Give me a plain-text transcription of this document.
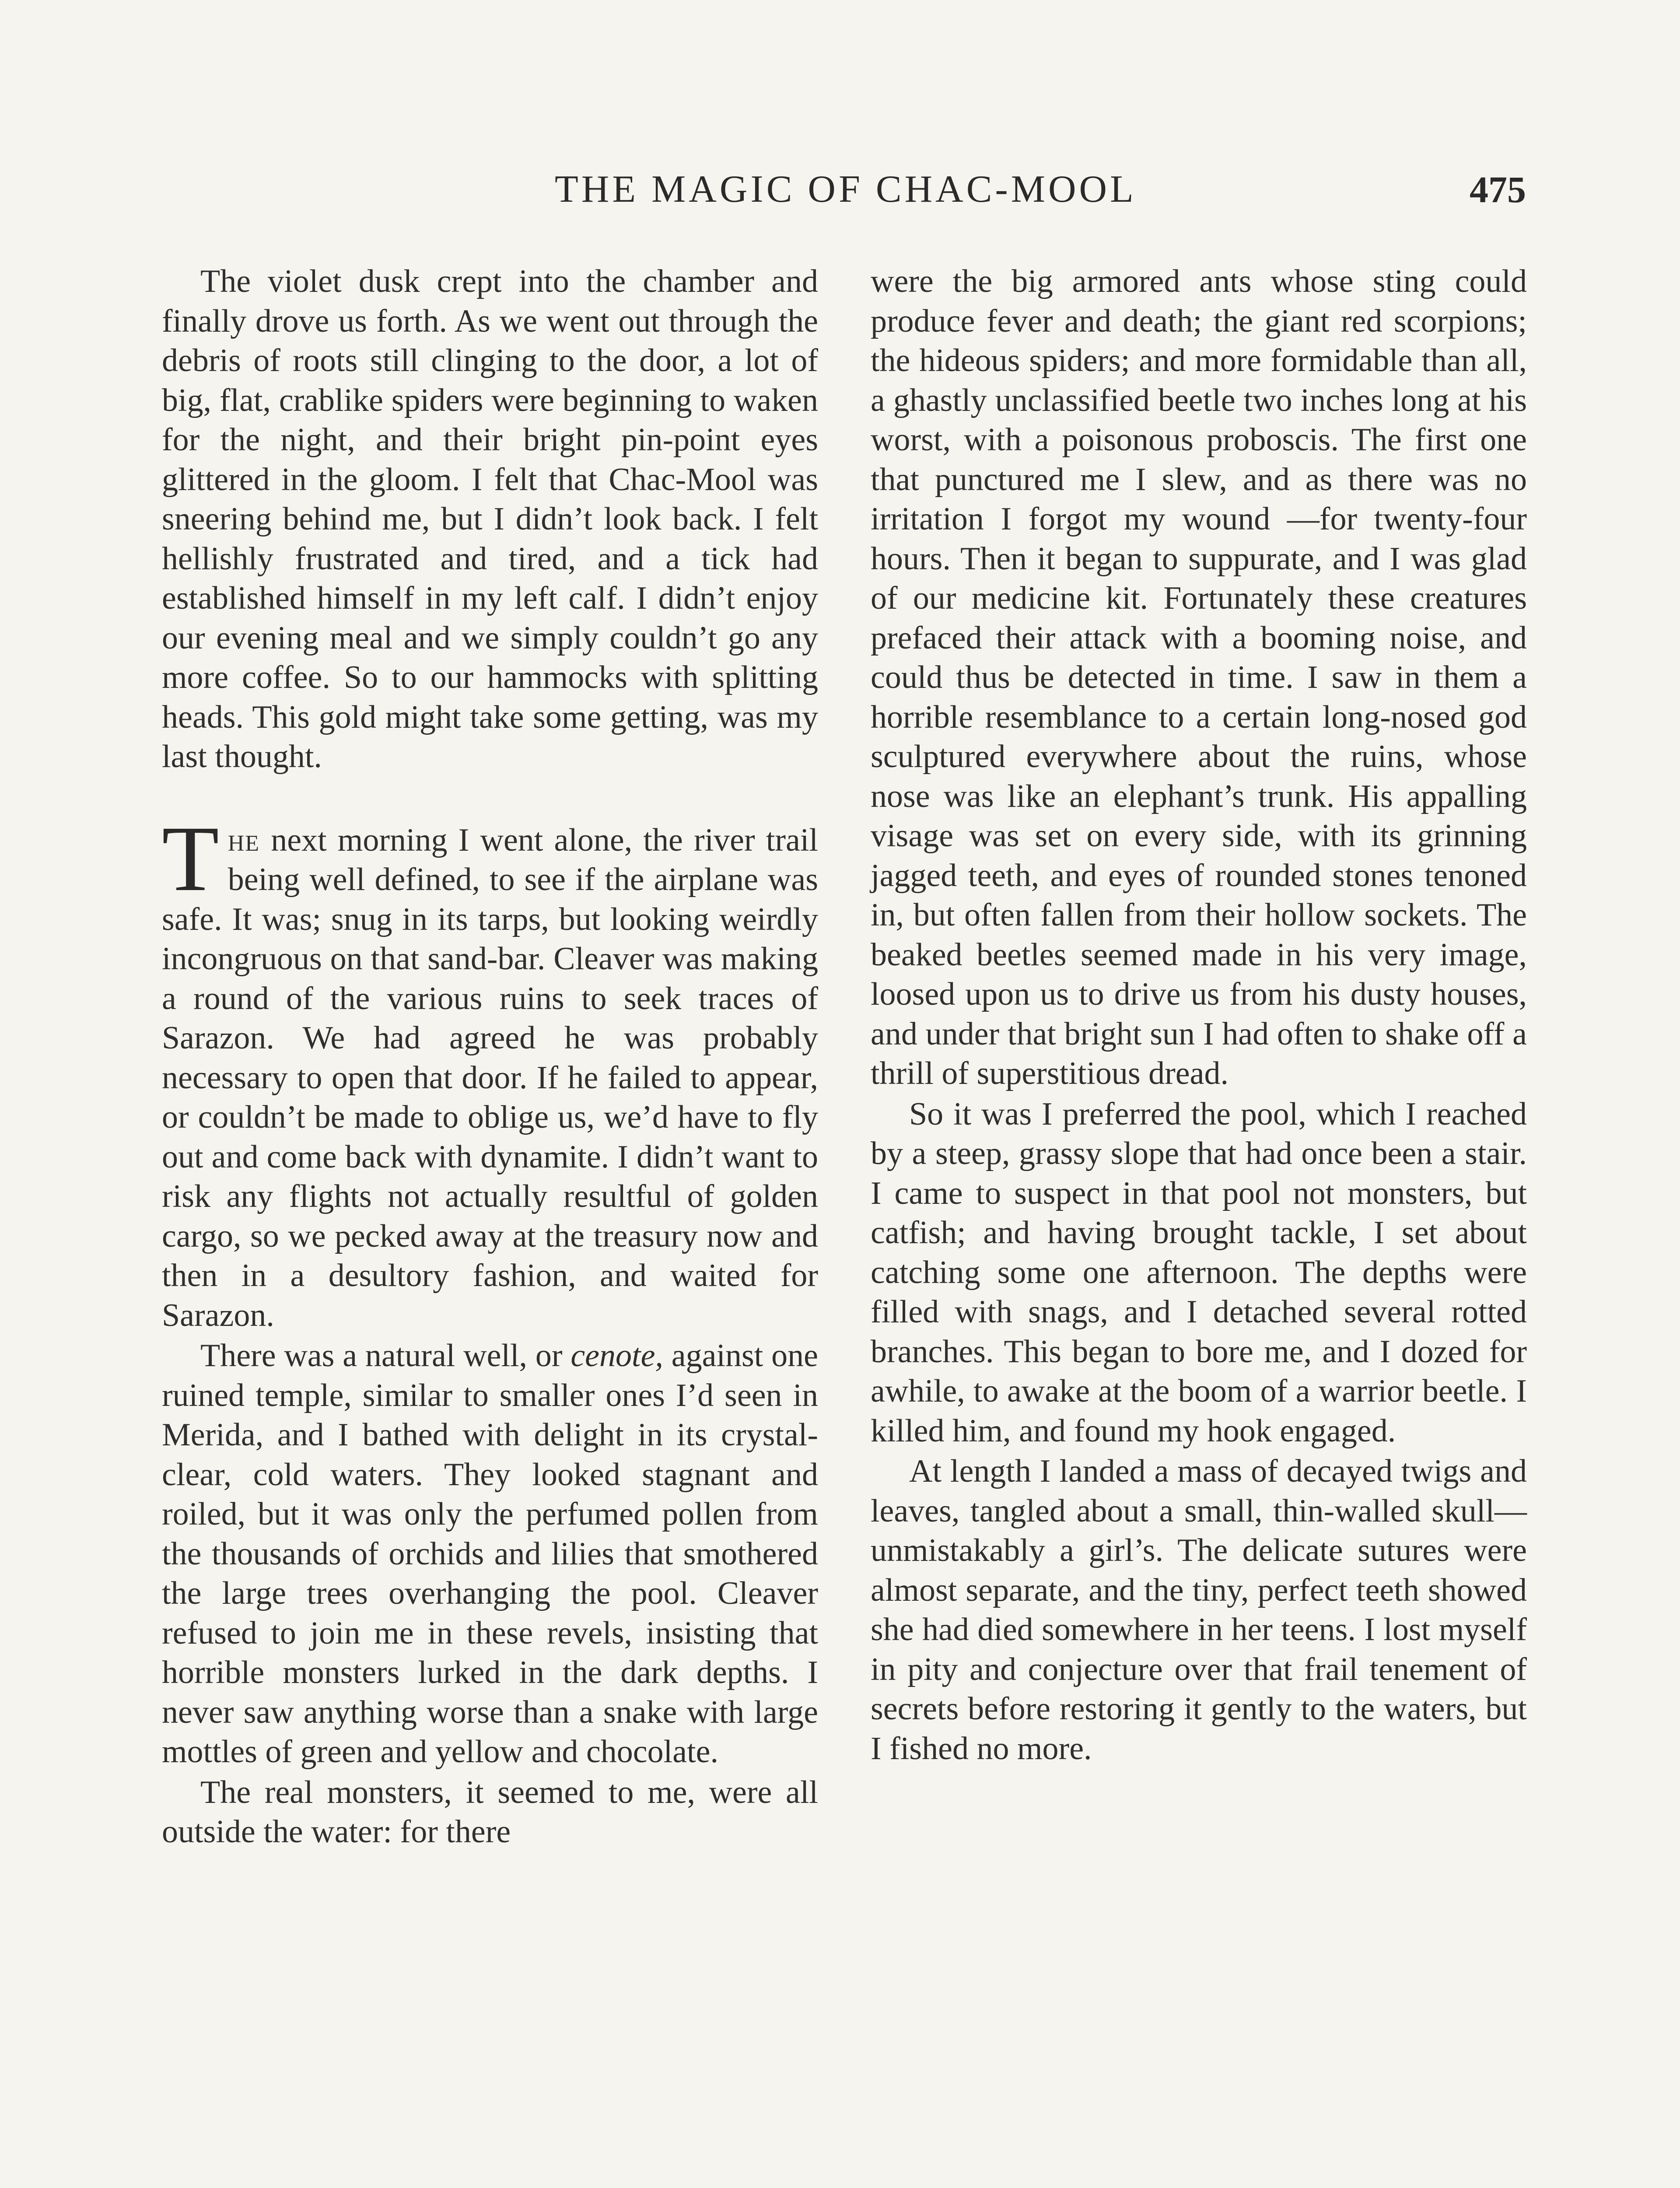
THE MAGIC OF CHAC-MOOL	475

The violet dusk crept into the chamber and finally drove us forth. As we went out through the debris of roots still clinging to the door, a lot of big, flat, crablike spiders were beginning to waken for the night, and their bright pin-point eyes glittered in the gloom. I felt that Chac-Mool was sneering behind me, but I didn’t look back. I felt hellishly frustrated and tired, and a tick had established himself in my left calf. I didn’t enjoy our evening meal and we simply couldn’t go any more coffee. So to our hammocks with splitting heads. This gold might take some getting, was my last thought.

The next morning I went alone, the river trail being well defined, to see if the airplane was safe. It was; snug in its tarps, but looking weirdly incongruous on that sand-bar. Cleaver was making a round of the various ruins to seek traces of Sarazon. We had agreed he was probably necessary to open that door. If he failed to appear, or couldn’t be made to oblige us, we’d have to fly out and come back with dynamite. I didn’t want to risk any flights not actually resultful of golden cargo, so we pecked away at the treasury now and then in a desultory fashion, and waited for Sarazon.

There was a natural well, or cenote, against one ruined temple, similar to smaller ones I’d seen in Merida, and I bathed with delight in its crystal-clear, cold waters. They looked stagnant and roiled, but it was only the perfumed pollen from the thousands of orchids and lilies that smothered the large trees overhanging the pool. Cleaver refused to join me in these revels, insisting that horrible monsters lurked in the dark depths. I never saw anything worse than a snake with large mottles of green and yellow and chocolate.

The real monsters, it seemed to me, were all outside the water: for there

were the big armored ants whose sting could produce fever and death; the giant red scorpions; the hideous spiders; and more formidable than all, a ghastly unclassified beetle two inches long at his worst, with a poisonous proboscis. The first one that punctured me I slew, and as there was no irritation I forgot my wound —for twenty-four hours. Then it began to suppurate, and I was glad of our medicine kit. Fortunately these creatures prefaced their attack with a booming noise, and could thus be detected in time. I saw in them a horrible resemblance to a certain long-nosed god sculptured everywhere about the ruins, whose nose was like an elephant’s trunk. His appalling visage was set on every side, with its grinning jagged teeth, and eyes of rounded stones tenoned in, but often fallen from their hollow sockets. The beaked beetles seemed made in his very image, loosed upon us to drive us from his dusty houses, and under that bright sun I had often to shake off a thrill of superstitious dread.

So it was I preferred the pool, which I reached by a steep, grassy slope that had once been a stair. I came to suspect in that pool not monsters, but catfish; and having brought tackle, I set about catching some one afternoon. The depths were filled with snags, and I detached several rotted branches. This began to bore me, and I dozed for awhile, to awake at the boom of a warrior beetle. I killed him, and found my hook engaged.

At length I landed a mass of decayed twigs and leaves, tangled about a small, thin-walled skull—unmistakably a girl’s. The delicate sutures were almost separate, and the tiny, perfect teeth showed she had died somewhere in her teens. I lost myself in pity and conjecture over that frail tenement of secrets before restoring it gently to the waters, but I fished no more.
